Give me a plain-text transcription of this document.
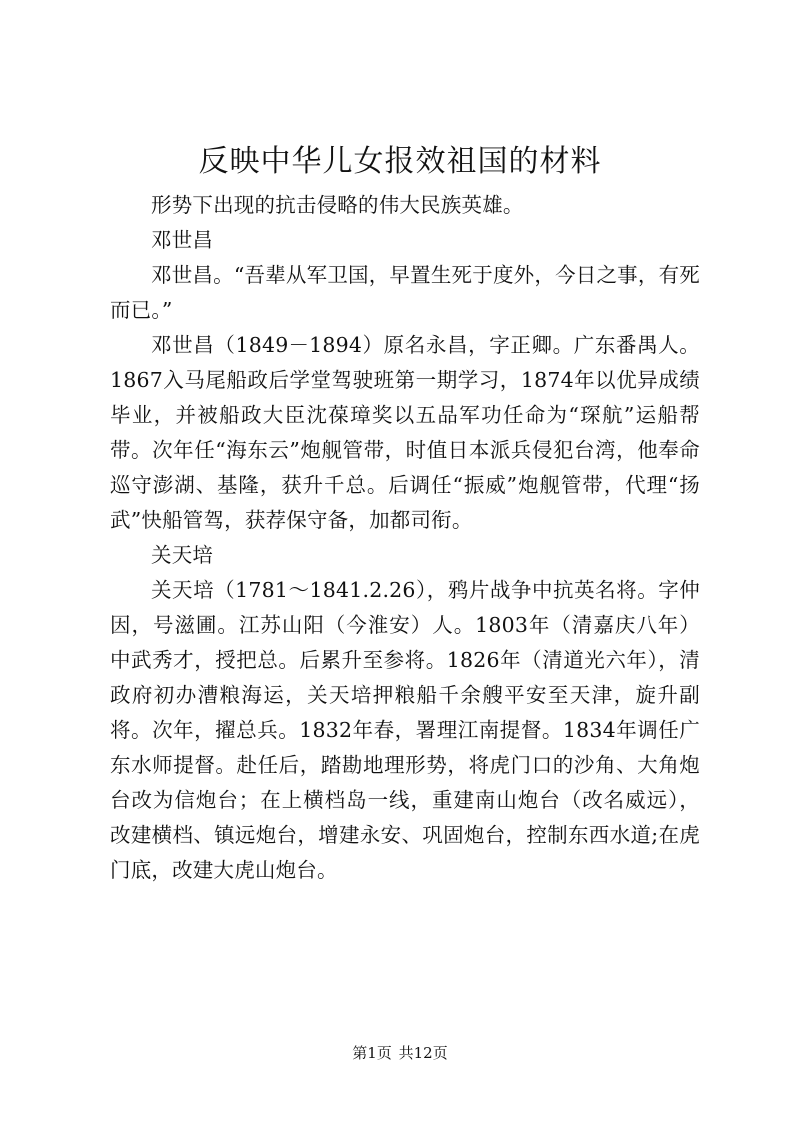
反映中华儿女报效祖国的材料

形势下出现的抗击侵略的伟大民族英雄。

邓世昌

邓世昌。“吾辈从军卫国，早置生死于度外，今日之事，有死而已。”

邓世昌（1849－1894）原名永昌，字正卿。广东番禺人。1867入马尾船政后学堂驾驶班第一期学习，1874年以优异成绩毕业，并被船政大臣沈葆璋奖以五品军功任命为“琛航”运船帮带。次年任“海东云”炮舰管带，时值日本派兵侵犯台湾，他奉命巡守澎湖、基隆，获升千总。后调任“振威”炮舰管带，代理“扬武”快船管驾，获荐保守备，加都司衔。

关天培

关天培（1781～1841.2.26），鸦片战争中抗英名将。字仲因，号滋圃。江苏山阳（今淮安）人。1803年（清嘉庆八年）中武秀才，授把总。后累升至参将。1826年（清道光六年），清政府初办漕粮海运，关天培押粮船千余艘平安至天津，旋升副将。次年，擢总兵。1832年春，署理江南提督。1834年调任广东水师提督。赴任后，踏勘地理形势，将虎门口的沙角、大角炮台改为信炮台；在上横档岛一线，重建南山炮台（改名威远），改建横档、镇远炮台，增建永安、巩固炮台，控制东西水道;在虎门底，改建大虎山炮台。

第1页 共12页
